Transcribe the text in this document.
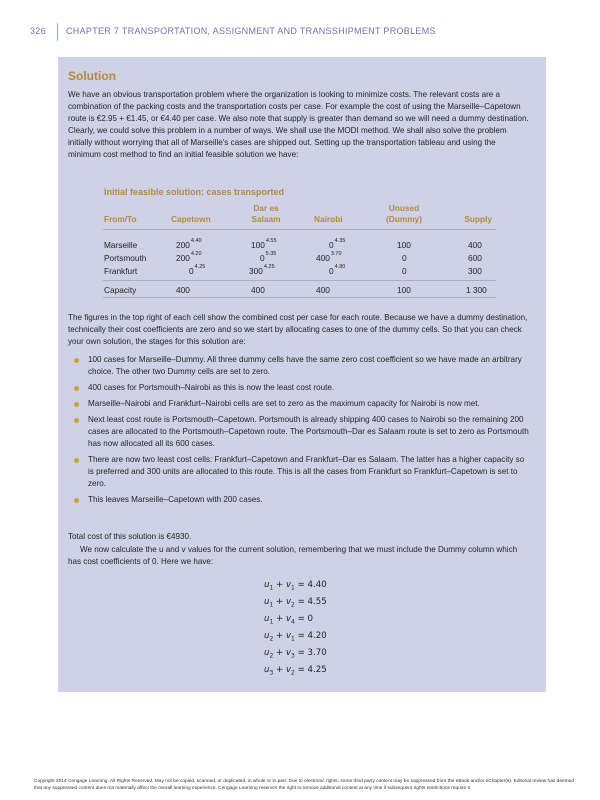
326 CHAPTER 7 TRANSPORTATION, ASSIGNMENT AND TRANSSHIPMENT PROBLEMS
Solution

We have an obvious transportation problem where the organization is looking to minimize costs. The relevant costs are a combination of the packing costs and the transportation costs per case. For example the cost of using the Marseille–Capetown route is €2.95 + €1.45, or €4.40 per case. We also note that supply is greater than demand so we will need a dummy destination. Clearly, we could solve this problem in a number of ways. We shall use the MODI method. We shall also solve the problem initially without worrying that all of Marseille's cases are shipped out. Setting up the transportation tableau and using the minimum cost method to find an initial feasible solution we have:

Initial feasible solution: cases transported
From/To	Capetown
Dar es
Salaam	Nairobi
Unused
(Dummy)	Supply
Marseille	$200^{4.40}$	$100^{4.55}$	$0^{4.35}$	100	400
Portsmouth	$200^{4.20}$	$0^{5.35}$	$400^{3.70}$	0	600
Frankfurt	$0^{4.25}$	$300^{4.25}$	$0^{4.80}$	0	300
Capacity	400	400	400	100	1 300

The figures in the top right of each cell show the combined cost per case for each route. Because we have a dummy destination, technically their cost coefficients are zero and so we start by allocating cases to one of the dummy cells. So that you can check your own solution, the stages for this solution are:

100 cases for Marseille–Dummy. All three dummy cells have the same zero cost coefficient so we have made an arbitrary choice. The other two Dummy cells are set to zero.
400 cases for Portsmouth–Nairobi as this is now the least cost route.
Marseille–Nairobi and Frankfurt–Nairobi cells are set to zero as the maximum capacity for Nairobi is now met.
Next least cost route is Portsmouth–Capetown. Portsmouth is already shipping 400 cases to Nairobi so the remaining 200 cases are allocated to the Portsmouth–Capetown route. The Portsmouth–Dar es Salaam route is set to zero as Portsmouth has now allocated all its 600 cases.
There are now two least cost cells: Frankfurt–Capetown and Frankfurt–Dar es Salaam. The latter has a higher capacity so is preferred and 300 units are allocated to this route. This is all the cases from Frankfurt so Frankfurt–Capetown is set to zero.
This leaves Marseille–Capetown with 200 cases.

Total cost of this solution is €4930.

We now calculate the u and v values for the current solution, remembering that we must include the Dummy column which has cost coefficients of 0. Here we have:

$u_1 + v_1 = 4.40$
$u_1 + v_2 = 4.55$
$u_1 + v_4 = 0$
$u_2 + v_1 = 4.20$
$u_2 + v_3 = 3.70$
$u_3 + v_2 = 4.25$
Copyright 2014 Cengage Learning. All Rights Reserved. May not be copied, scanned, or duplicated, in whole or in part. Due to electronic rights, some third party content may be suppressed from the eBook and/or eChapter(s). Editorial review has deemed that any suppressed content does not materially affect the overall learning experience. Cengage Learning reserves the right to remove additional content at any time if subsequent rights restrictions require it.
